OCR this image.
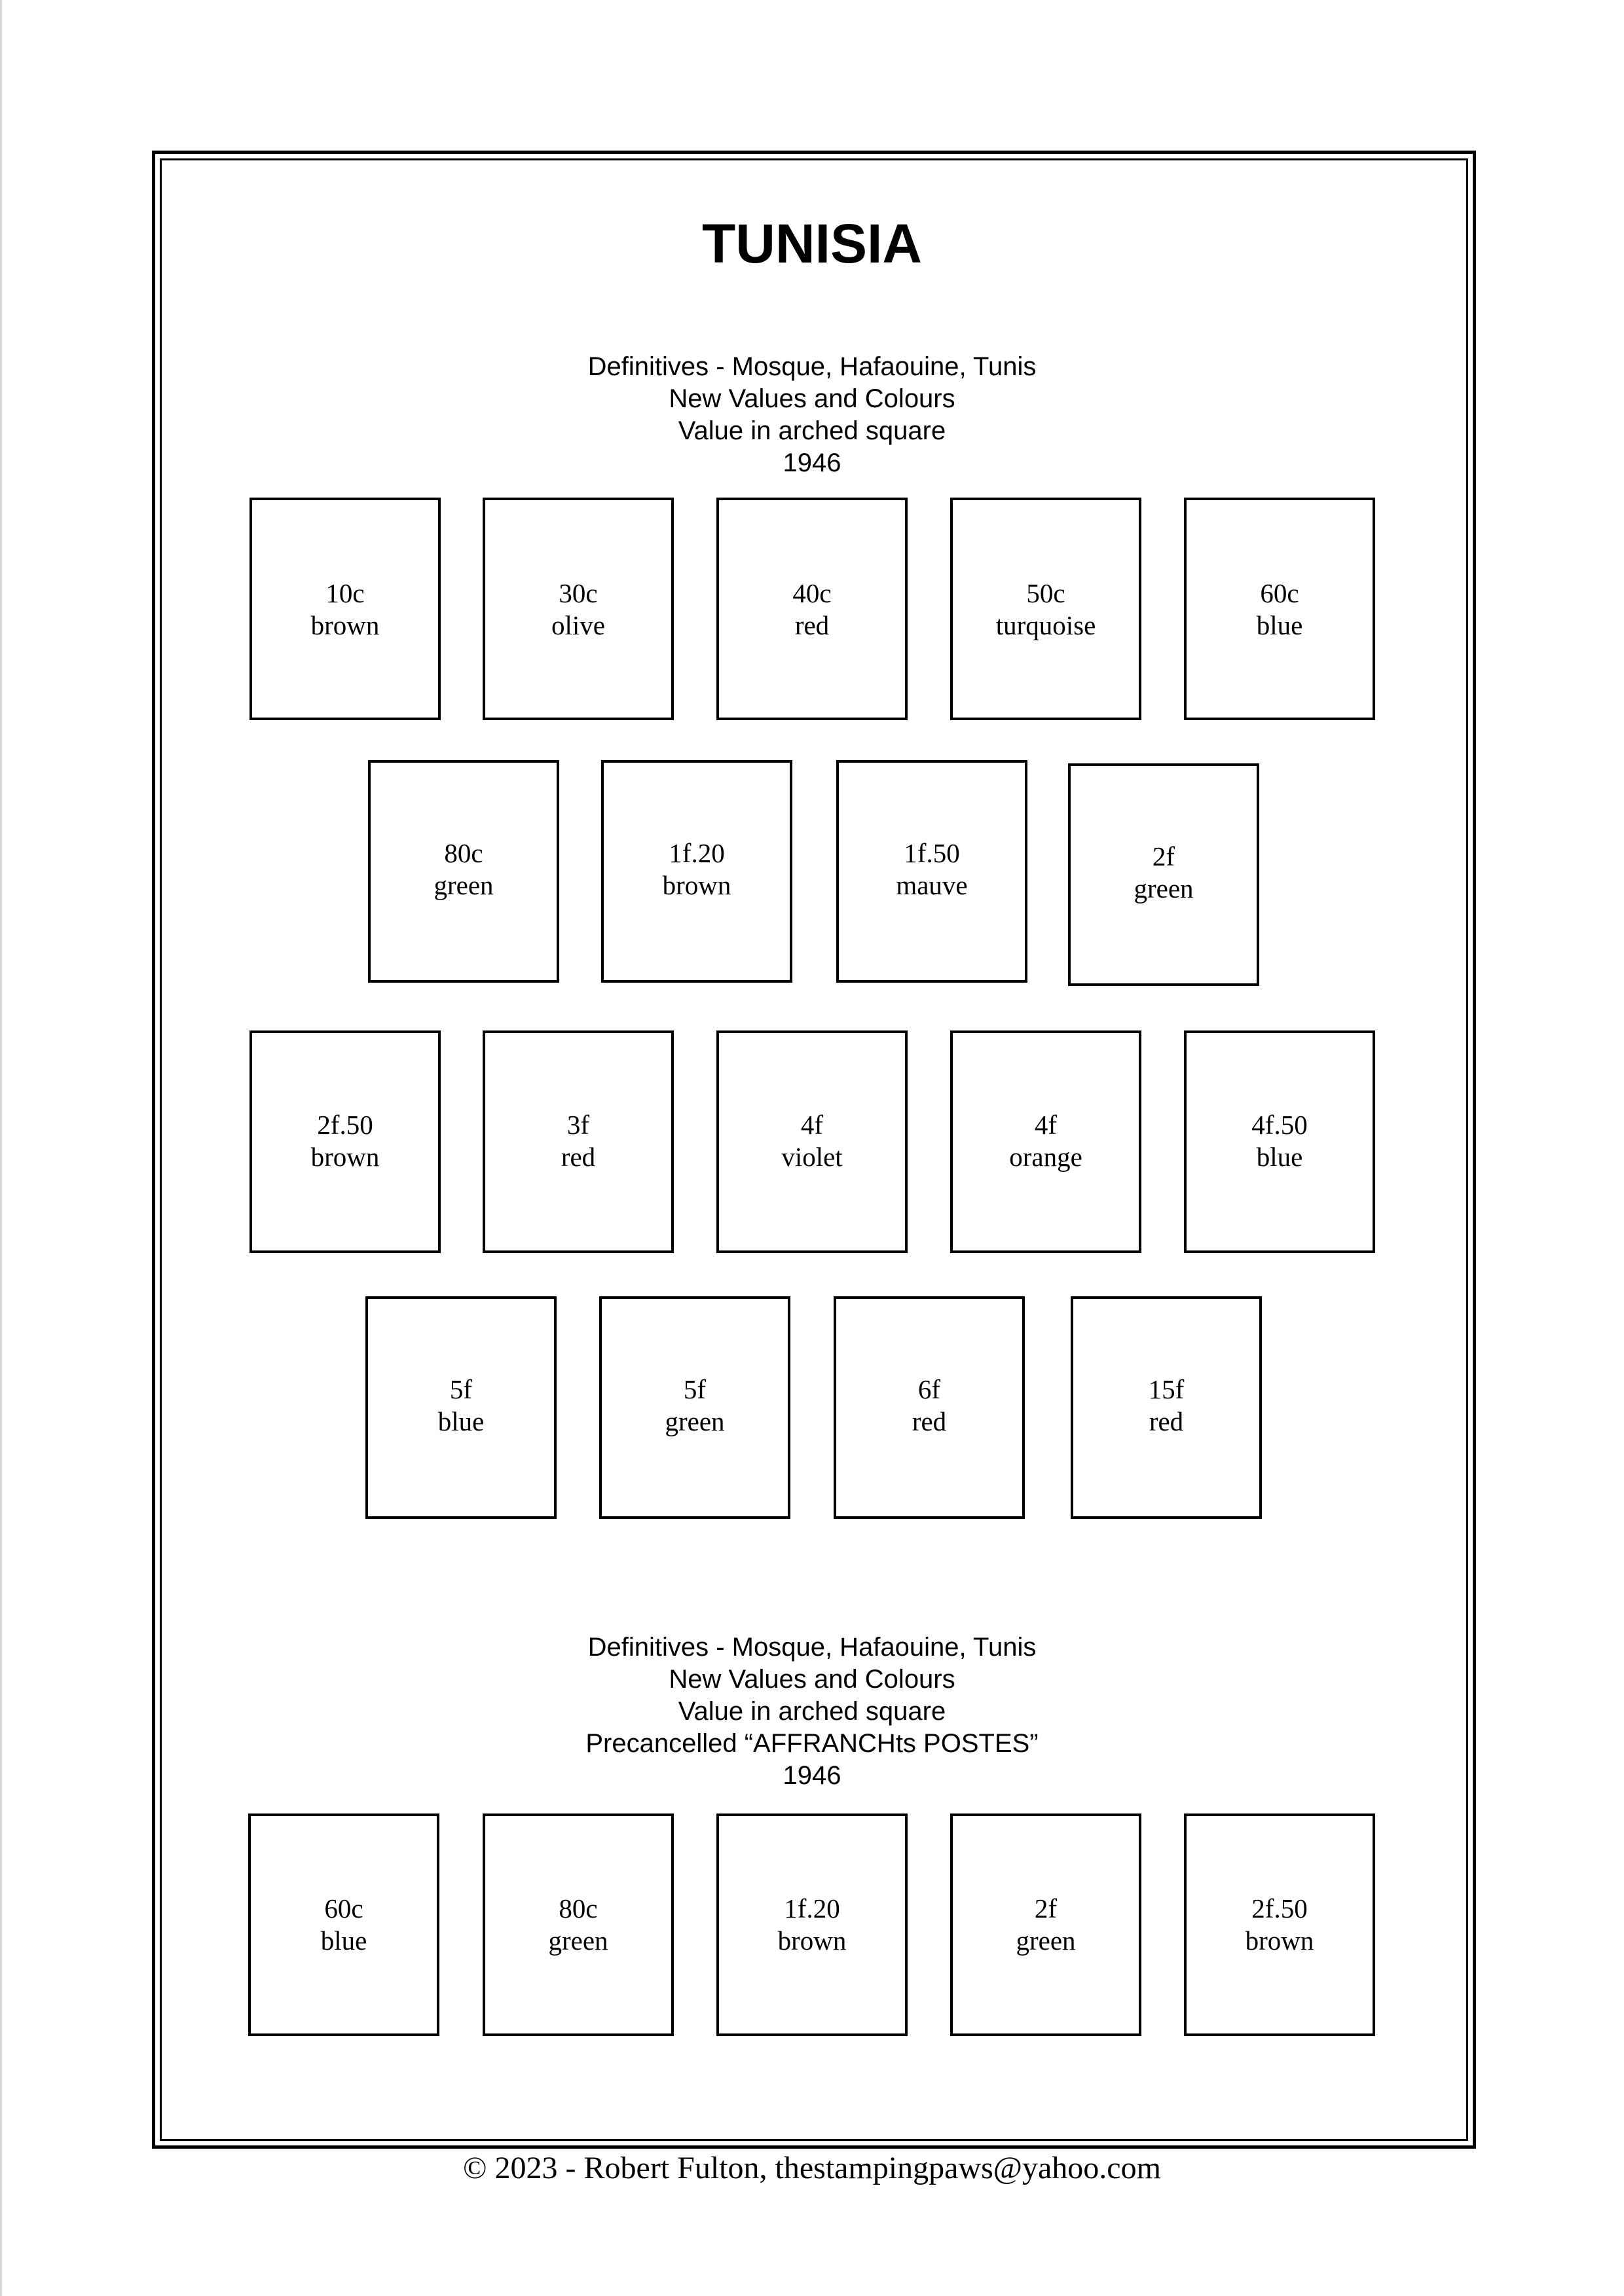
TUNISIA
Definitives - Mosque, Hafaouine, Tunis
New Values and Colours
Value in arched square
1946
10c
brown
30c
olive
40c
red
50c
turquoise
60c
blue
80c
green
1f.20
brown
1f.50
mauve
2f
green
2f.50
brown
3f
red
4f
violet
4f
orange
4f.50
blue
5f
blue
5f
green
6f
red
15f
red
Definitives - Mosque, Hafaouine, Tunis
New Values and Colours
Value in arched square
Precancelled “AFFRANCHts POSTES”
1946
60c
blue
80c
green
1f.20
brown
2f
green
2f.50
brown
© 2023 - Robert Fulton, thestampingpaws@yahoo.com
